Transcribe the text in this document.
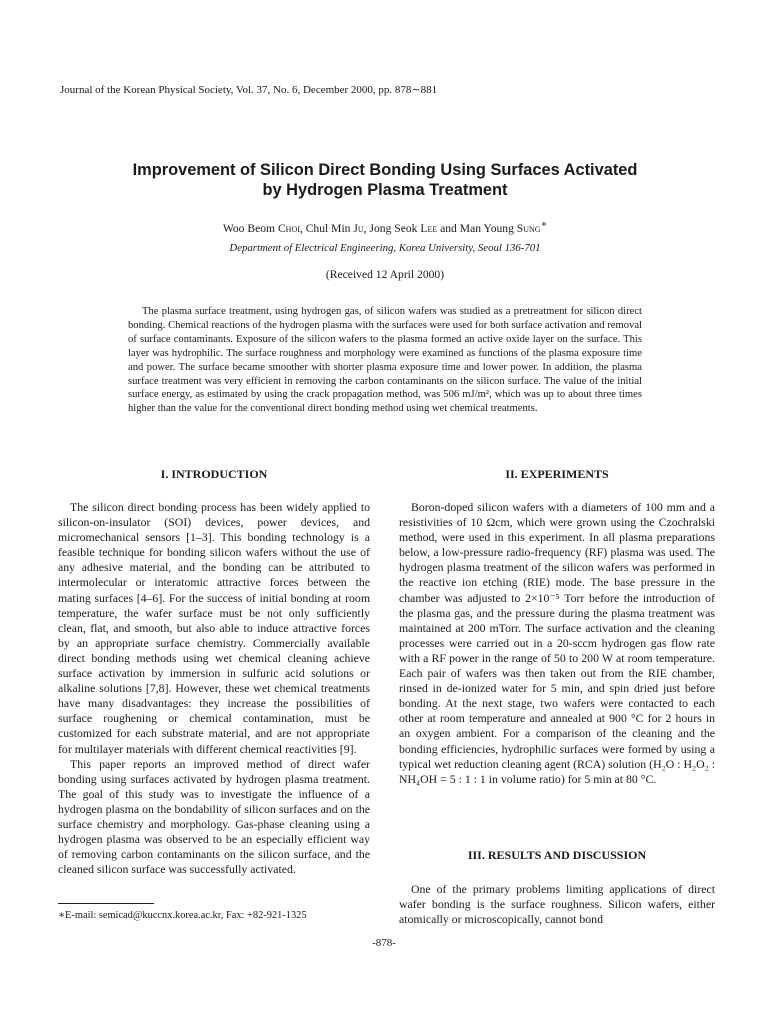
Journal of the Korean Physical Society, Vol. 37, No. 6, December 2000, pp. 878∼881
Improvement of Silicon Direct Bonding Using Surfaces Activated
by Hydrogen Plasma Treatment
Woo Beom Choi, Chul Min Ju, Jong Seok Lee and Man Young Sung∗
Department of Electrical Engineering, Korea University, Seoul 136-701
(Received 12 April 2000)
The plasma surface treatment, using hydrogen gas, of silicon wafers was studied as a pretreatment for silicon direct bonding. Chemical reactions of the hydrogen plasma with the surfaces were used for both surface activation and removal of surface contaminants. Exposure of the silicon wafers to the plasma formed an active oxide layer on the surface. This layer was hydrophilic. The surface roughness and morphology were examined as functions of the plasma exposure time and power. The surface became smoother with shorter plasma exposure time and lower power. In addition, the plasma surface treatment was very efficient in removing the carbon contaminants on the silicon surface. The value of the initial surface energy, as estimated by using the crack propagation method, was 506 mJ/m², which was up to about three times higher than the value for the conventional direct bonding method using wet chemical treatments.
I. INTRODUCTION	II. EXPERIMENTS

The silicon direct bonding process has been widely applied to silicon-on-insulator (SOI) devices, power devices, and micromechanical sensors [1–3]. This bonding technology is a feasible technique for bonding silicon wafers without the use of any adhesive material, and the bonding can be attributed to intermolecular or interatomic attractive forces between the mating surfaces [4–6]. For the success of initial bonding at room temperature, the wafer surface must be not only sufficiently clean, flat, and smooth, but also able to induce attractive forces by an appropriate surface chemistry. Commercially available direct bonding methods using wet chemical cleaning achieve surface activation by immersion in sulfuric acid solutions or alkaline solutions [7,8]. However, these wet chemical treatments have many disadvantages: they increase the possibilities of surface roughening or chemical contamination, must be customized for each substrate material, and are not appropriate for multilayer materials with different chemical reactivities [9].

This paper reports an improved method of direct wafer bonding using surfaces activated by hydrogen plasma treatment. The goal of this study was to investigate the influence of a hydrogen plasma on the bondability of silicon surfaces and on the surface chemistry and morphology. Gas-phase cleaning using a hydrogen plasma was observed to be an especially efficient way of removing carbon contaminants on the silicon surface, and the cleaned silicon surface was successfully activated.

Boron-doped silicon wafers with a diameters of 100 mm and a resistivities of 10 Ωcm, which were grown using the Czochralski method, were used in this experiment. In all plasma preparations below, a low-pressure radio-frequency (RF) plasma was used. The hydrogen plasma treatment of the silicon wafers was performed in the reactive ion etching (RIE) mode. The base pressure in the chamber was adjusted to 2×10⁻⁵ Torr before the introduction of the plasma gas, and the pressure during the plasma treatment was maintained at 200 mTorr. The surface activation and the cleaning processes were carried out in a 20-sccm hydrogen gas flow rate with a RF power in the range of 50 to 200 W at room temperature. Each pair of wafers was then taken out from the RIE chamber, rinsed in de-ionized water for 5 min, and spin dried just before bonding. At the next stage, two wafers were contacted to each other at room temperature and annealed at 900 °C for 2 hours in an oxygen ambient. For a comparison of the cleaning and the bonding efficiencies, hydrophilic surfaces were formed by using a typical wet reduction cleaning agent (RCA) solution (H₂O : H₂O₂ : NH₄OH = 5 : 1 : 1 in volume ratio) for 5 min at 80 °C.

III. RESULTS AND DISCUSSION

One of the primary problems limiting applications of direct wafer bonding is the surface roughness. Silicon wafers, either atomically or microscopically, cannot bond

∗E-mail: semicad@kuccnx.korea.ac.kr, Fax: +82-921-1325
-878-
